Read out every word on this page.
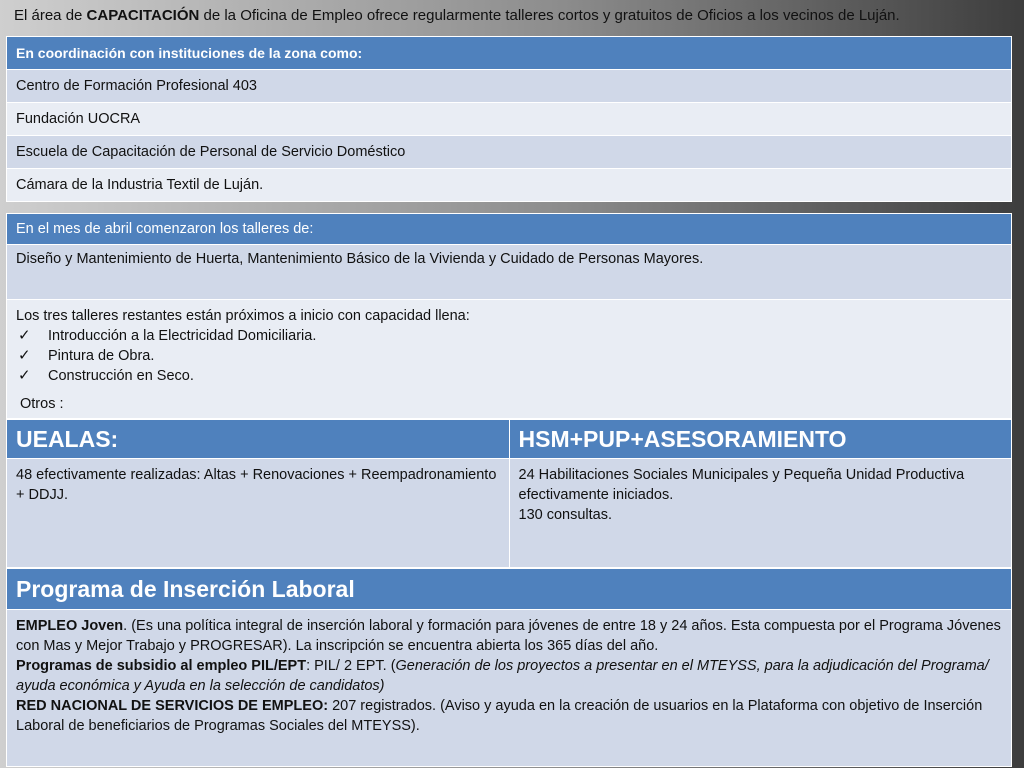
El área de CAPACITACIÓN de la Oficina de Empleo ofrece regularmente talleres cortos y gratuitos de Oficios a los vecinos de Luján.
En coordinación con instituciones de la zona como:
Centro de Formación Profesional 403
Fundación UOCRA
Escuela de Capacitación de Personal de Servicio Doméstico
Cámara de la Industria Textil de Luján.
En el mes de abril comenzaron los talleres de:
Diseño y Mantenimiento de Huerta, Mantenimiento Básico de la Vivienda y Cuidado de Personas Mayores.

Los tres talleres restantes están próximos a inicio con capacidad llena:
✓ Introducción a la Electricidad Domiciliaria.
✓ Pintura de Obra.
✓ Construcción en Seco.
Otros :
UEALAS:	HSM+PUP+ASESORAMIENTO
48 efectivamente realizadas: Altas + Renovaciones + Reempadronamiento + DDJJ.	24 Habilitaciones Sociales Municipales y Pequeña Unidad Productiva efectivamente iniciados.
130 consultas.
Programa de Inserción Laboral

EMPLEO Joven. (Es una política integral de inserción laboral y formación para jóvenes de entre 18 y 24 años. Esta compuesta por el Programa Jóvenes con Mas y Mejor Trabajo y PROGRESAR). La inscripción se encuentra abierta los 365 días del año.

Programas de subsidio al empleo PIL/EPT: PIL/ 2 EPT. (Generación de los proyectos a presentar en el MTEYSS, para la adjudicación del Programa/ ayuda económica y Ayuda en la selección de candidatos)

RED NACIONAL DE SERVICIOS DE EMPLEO: 207 registrados. (Aviso y ayuda en la creación de usuarios en la Plataforma con objetivo de Inserción Laboral de beneficiarios de Programas Sociales del MTEYSS).
